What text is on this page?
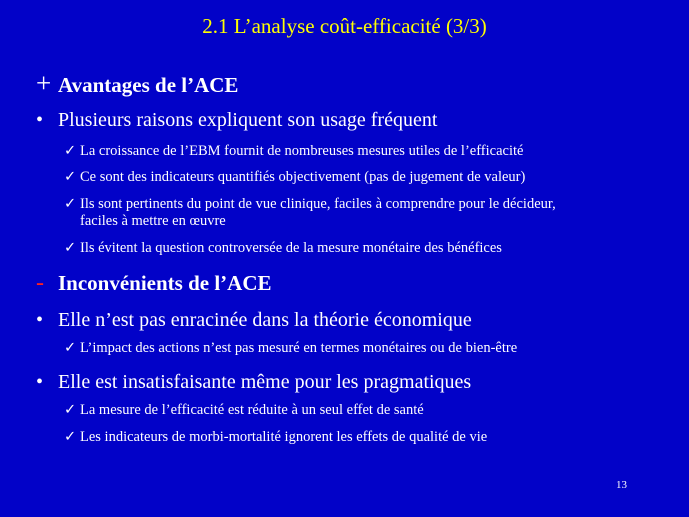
2.1 L’analyse coût-efficacité (3/3)
+ Avantages de l’ACE
• Plusieurs raisons expliquent son usage fréquent
✓ La croissance de l’EBM fournit de nombreuses mesures utiles de l’efficacité
✓ Ce sont des indicateurs quantifiés objectivement (pas de jugement de valeur)
✓ Ils sont pertinents du point de vue clinique, faciles à comprendre pour le décideur, faciles à mettre en œuvre
✓ Ils évitent la question controversée de la mesure monétaire des bénéfices
- Inconvénients de l’ACE
• Elle n’est pas enracinée dans la théorie économique
✓ L’impact des actions n’est pas mesuré en termes monétaires ou de bien-être
• Elle est insatisfaisante même pour les pragmatiques
✓ La mesure de l’efficacité est réduite à un seul effet de santé
✓ Les indicateurs de morbi-mortalité ignorent les effets de qualité de vie
13
